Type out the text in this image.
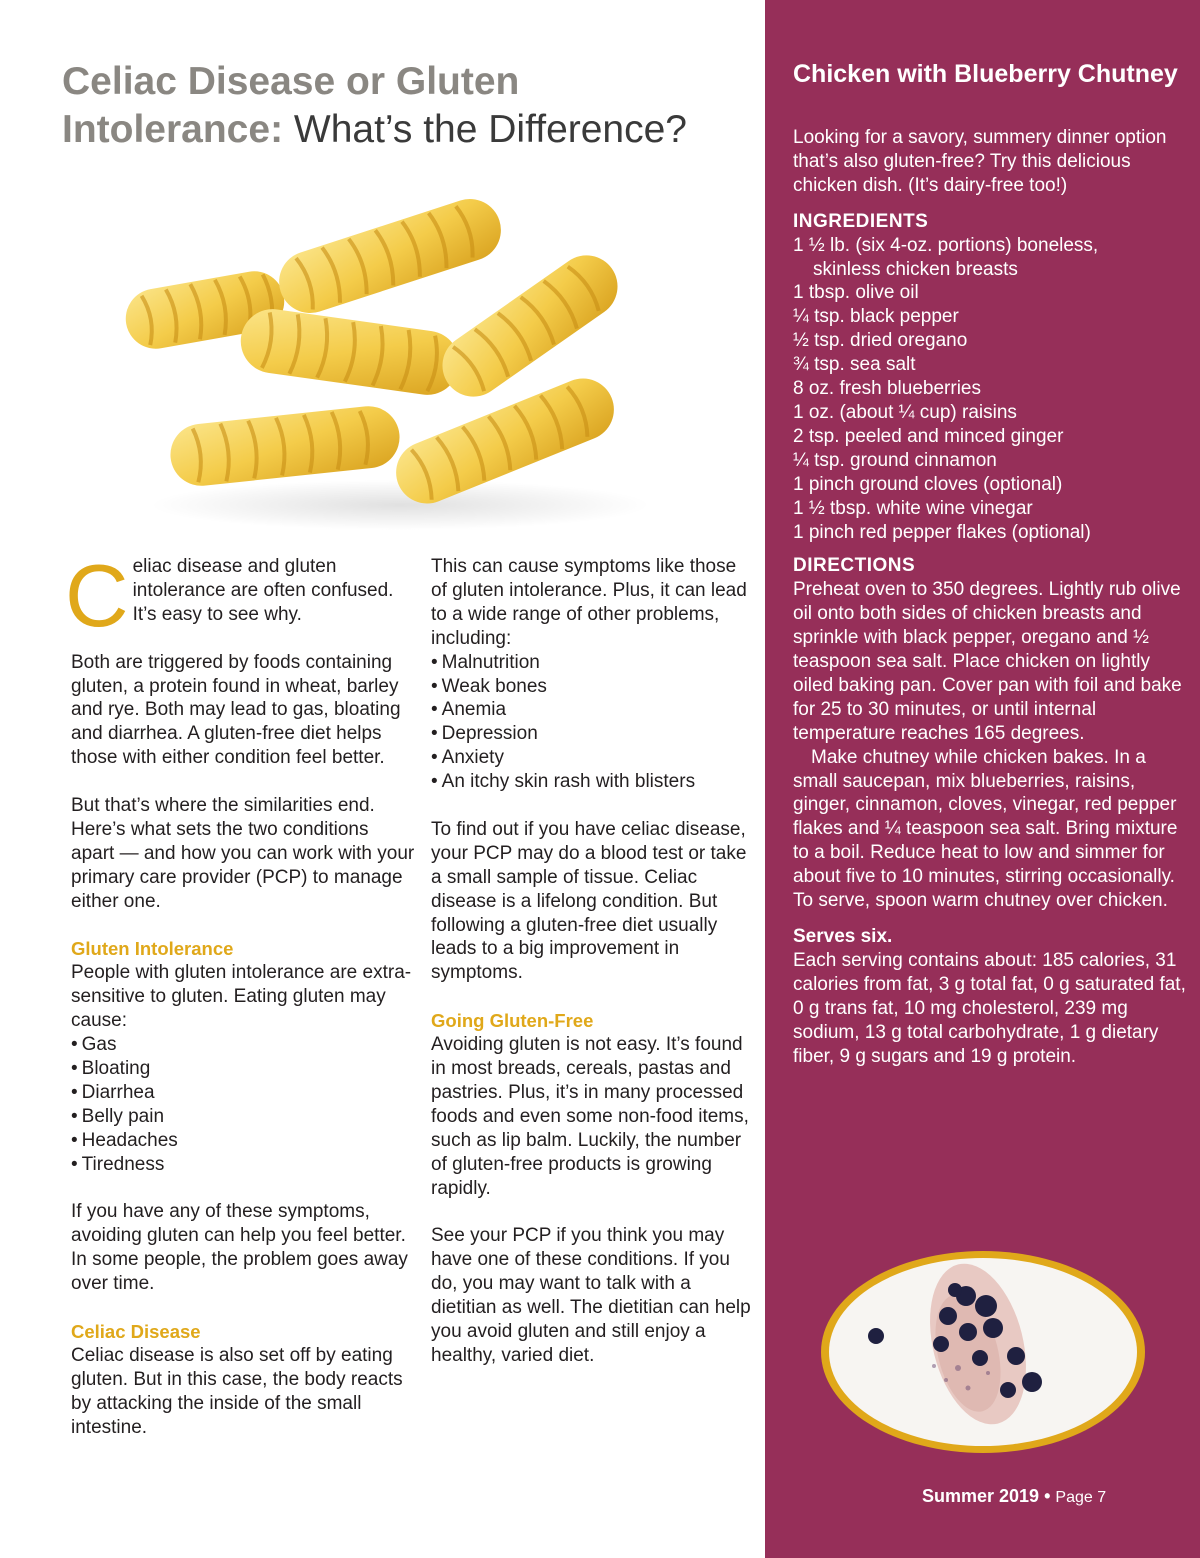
Celiac Disease or Gluten Intolerance: What’s the Difference?

Celiac disease and gluten intolerance are often confused. It’s easy to see why.

Both are triggered by foods containing gluten, a protein found in wheat, barley and rye. Both may lead to gas, bloating and diarrhea. A gluten-free diet helps those with either condition feel better.

But that’s where the similarities end. Here’s what sets the two conditions apart — and how you can work with your primary care provider (PCP) to manage either one.

Gluten Intolerance

People with gluten intolerance are extra-sensitive to gluten. Eating gluten may cause:

• Gas
• Bloating
• Diarrhea
• Belly pain
• Headaches
• Tiredness

If you have any of these symptoms, avoiding gluten can help you feel better. In some people, the problem goes away over time.

Celiac Disease

Celiac disease is also set off by eating gluten. But in this case, the body reacts by attacking the inside of the small intestine.

This can cause symptoms like those of gluten intolerance. Plus, it can lead to a wide range of other problems, including:

• Malnutrition
• Weak bones
• Anemia
• Depression
• Anxiety
• An itchy skin rash with blisters

To find out if you have celiac disease, your PCP may do a blood test or take a small sample of tissue. Celiac disease is a lifelong condition. But following a gluten-free diet usually leads to a big improvement in symptoms.

Going Gluten-Free

Avoiding gluten is not easy. It’s found in most breads, cereals, pastas and pastries. Plus, it’s in many processed foods and even some non-food items, such as lip balm. Luckily, the number of gluten-free products is growing rapidly.

See your PCP if you think you may have one of these conditions. If you do, you may want to talk with a dietitian as well. The dietitian can help you avoid gluten and still enjoy a healthy, varied diet.

Chicken with Blueberry Chutney

Looking for a savory, summery dinner option that’s also gluten-free? Try this delicious chicken dish. (It’s dairy-free too!)

INGREDIENTS

1 ½ lb. (six 4-oz. portions) boneless,
skinless chicken breasts
1 tbsp. olive oil
¼ tsp. black pepper
½ tsp. dried oregano
¾ tsp. sea salt
8 oz. fresh blueberries
1 oz. (about ¼ cup) raisins
2 tsp. peeled and minced ginger
¼ tsp. ground cinnamon
1 pinch ground cloves (optional)
1 ½ tbsp. white wine vinegar
1 pinch red pepper flakes (optional)

DIRECTIONS

Preheat oven to 350 degrees. Lightly rub olive oil onto both sides of chicken breasts and sprinkle with black pepper, oregano and ½ teaspoon sea salt. Place chicken on lightly oiled baking pan. Cover pan with foil and bake for 25 to 30 minutes, or until internal temperature reaches 165 degrees.

Make chutney while chicken bakes. In a small saucepan, mix blueberries, raisins, ginger, cinnamon, cloves, vinegar, red pepper flakes and ¼ teaspoon sea salt. Bring mixture to a boil. Reduce heat to low and simmer for about five to 10 minutes, stirring occasionally. To serve, spoon warm chutney over chicken.

Serves six.

Each serving contains about: 185 calories, 31 calories from fat, 3 g total fat, 0 g saturated fat, 0 g trans fat, 10 mg cholesterol, 239 mg sodium, 13 g total carbohydrate, 1 g dietary fiber, 9 g sugars and 19 g protein.

Summer 2019 • Page 7
